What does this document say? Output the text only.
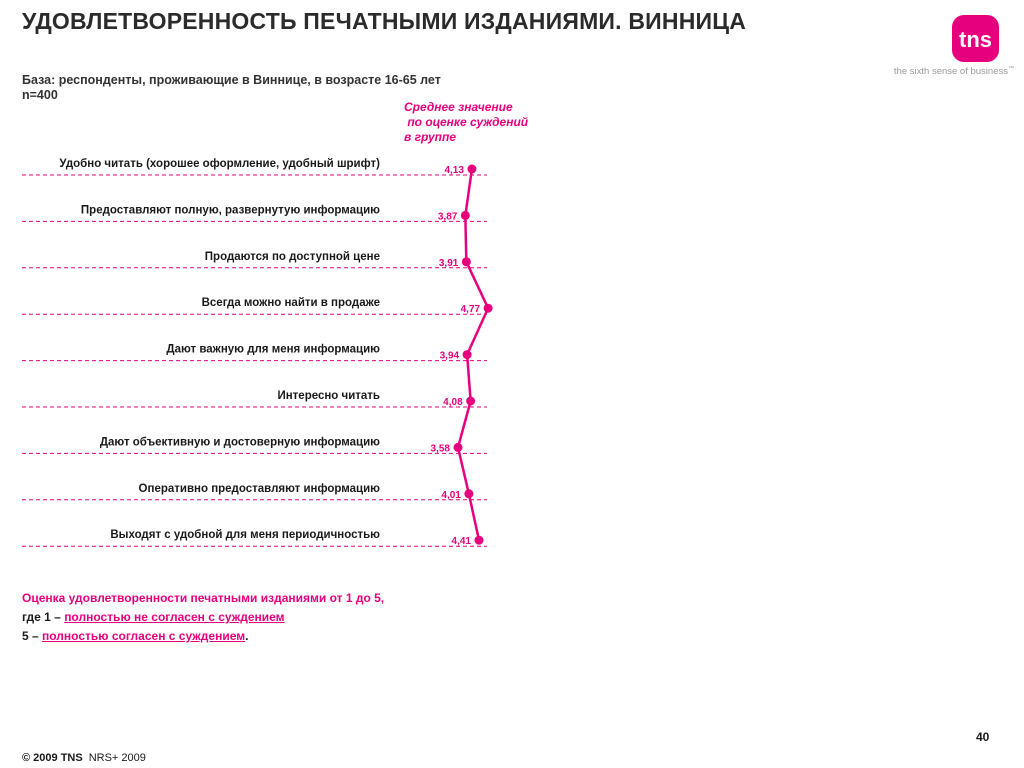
УДОВЛЕТВОРЕННОСТЬ ПЕЧАТНЫМИ ИЗДАНИЯМИ. ВИННИЦА
tns
the sixth sense of business™
База: респонденты, проживающие в Виннице, в возрасте 16-65 лет
n=400
Среднее значение
по оценке суждений
в группе
Удобно читать (хорошее оформление, удобный шрифт)
Предоставляют полную, развернутую информацию
Продаются по доступной цене
Всегда можно найти в продаже
Дают важную для меня информацию
Интересно читать
Дают объективную и достоверную информацию
Оперативно предоставляют информацию
Выходят с удобной для меня периодичностью
4,13
3,87
3,91
4,77
3,94
4,08
3,58
4,01
4,41
Оценка удовлетворенности печатными изданиями от 1 до 5,
где 1 – полностью не согласен с суждением
5 – полностью согласен с суждением.
40
© 2009 TNS NRS+ 2009
